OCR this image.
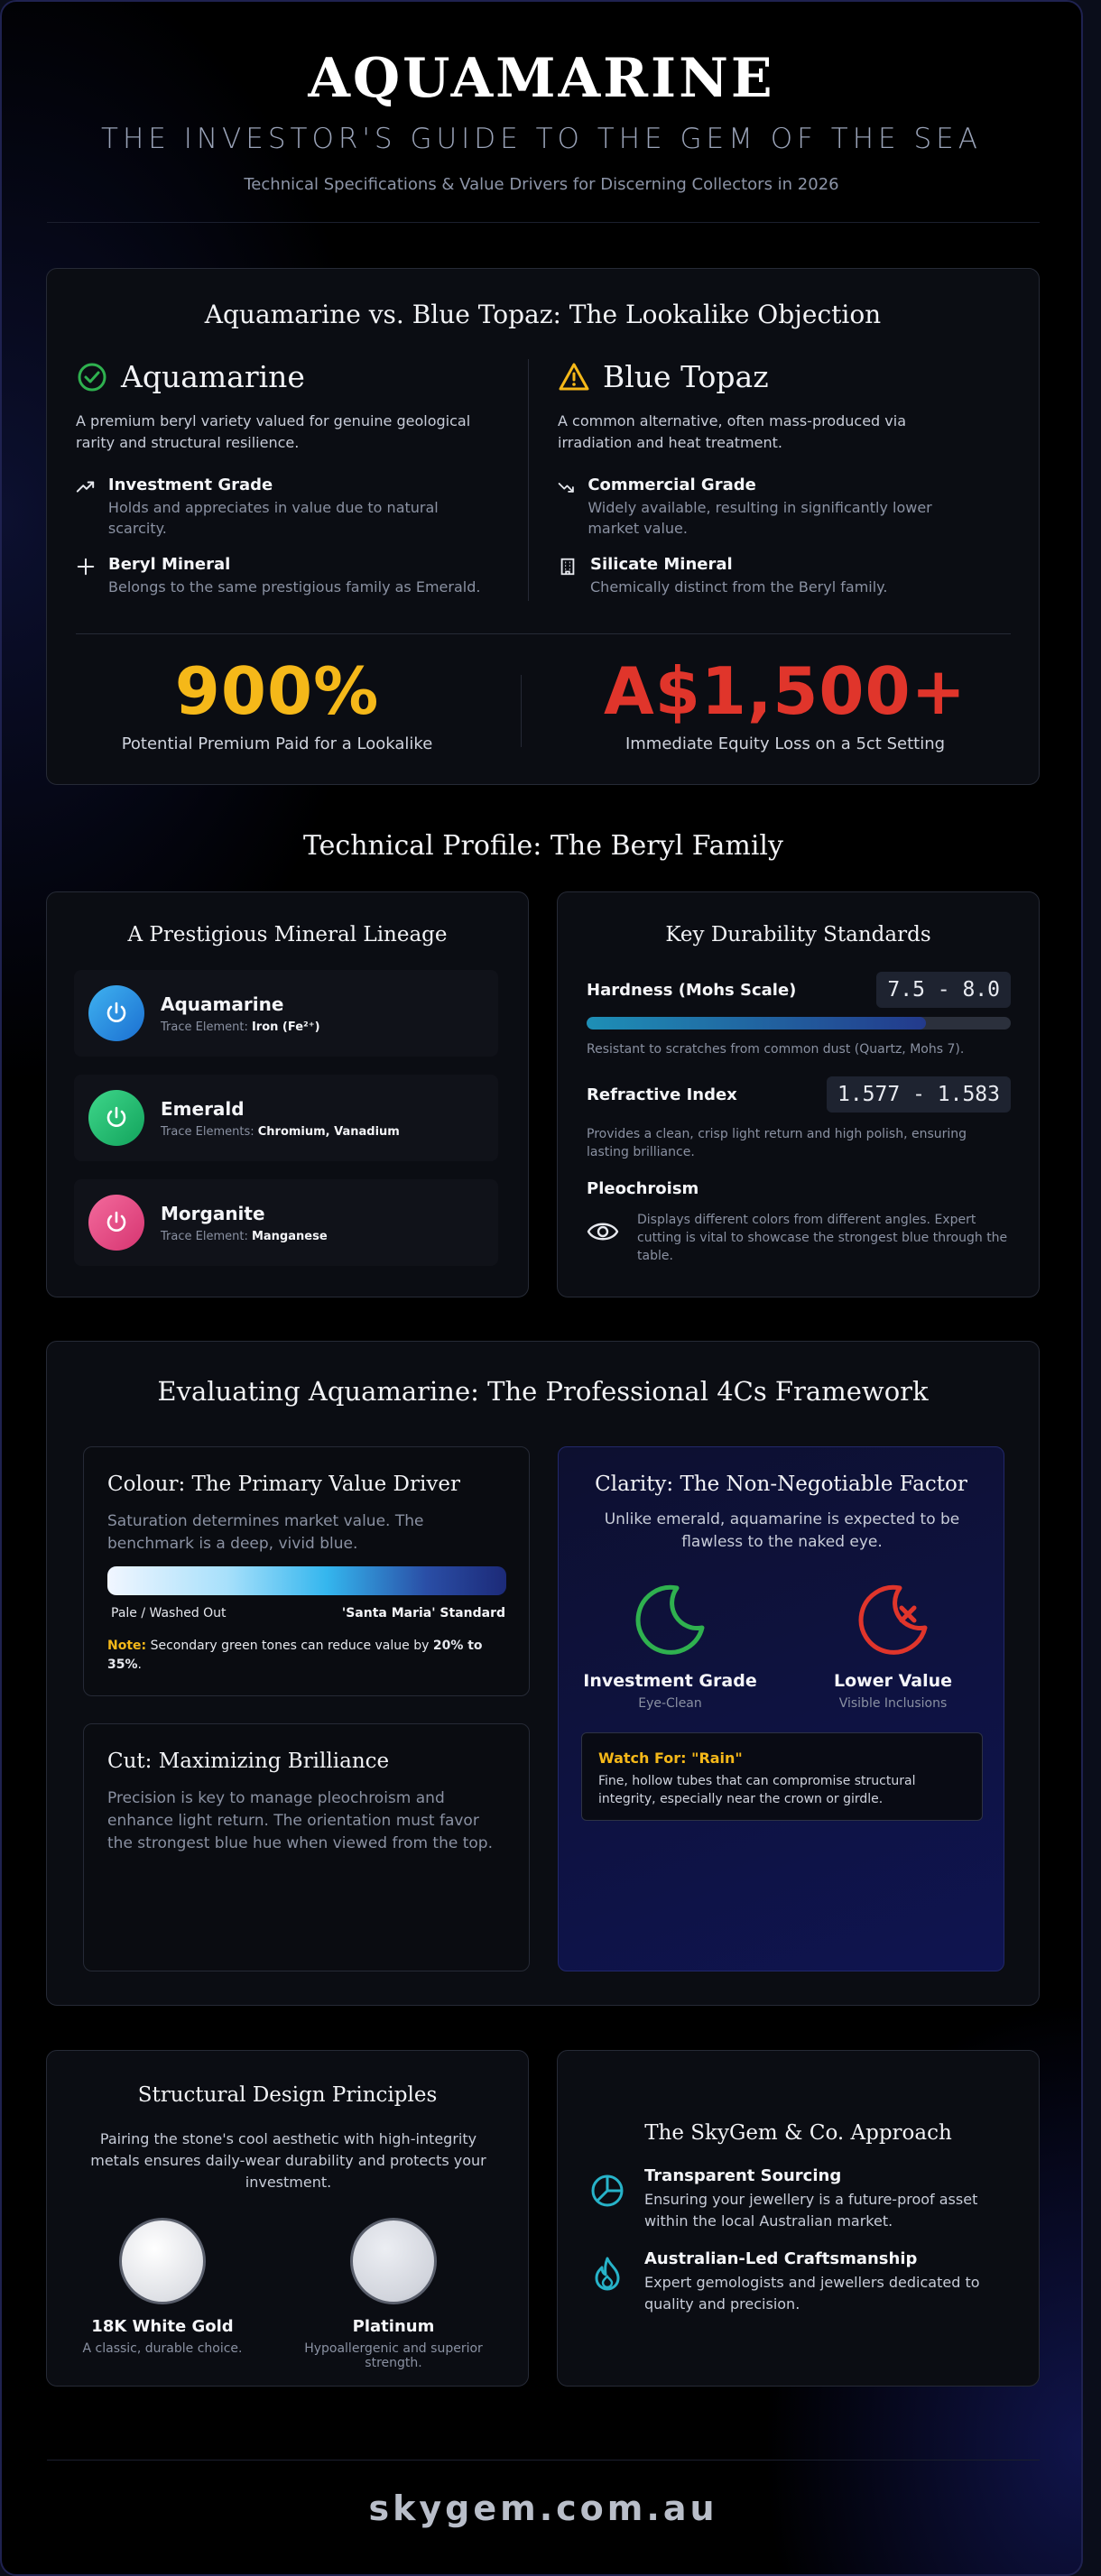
AQUAMARINE
THE INVESTOR'S GUIDE TO THE GEM OF THE SEA
Technical Specifications & Value Drivers for Discerning Collectors in 2026
Aquamarine vs. Blue Topaz: The Lookalike Objection
Aquamarine
A premium beryl variety valued for genuine geological rarity and structural resilience.
Investment Grade
Holds and appreciates in value due to natural scarcity.
Beryl Mineral
Belongs to the same prestigious family as Emerald.
Blue Topaz
A common alternative, often mass-produced via irradiation and heat treatment.
Commercial Grade
Widely available, resulting in significantly lower market value.
Silicate Mineral
Chemically distinct from the Beryl family.
900%
Potential Premium Paid for a Lookalike
A$1,500+
Immediate Equity Loss on a 5ct Setting
Technical Profile: The Beryl Family
A Prestigious Mineral Lineage
Aquamarine
Trace Element: Iron (Fe²⁺)
Emerald
Trace Elements: Chromium, Vanadium
Morganite
Trace Element: Manganese
Key Durability Standards
Hardness (Mohs Scale)	7.5 - 8.0
Resistant to scratches from common dust (Quartz, Mohs 7).
Refractive Index	1.577 - 1.583
Provides a clean, crisp light return and high polish, ensuring lasting brilliance.
Pleochroism
Displays different colors from different angles. Expert cutting is vital to showcase the strongest blue through the table.
Evaluating Aquamarine: The Professional 4Cs Framework
Colour: The Primary Value Driver
Saturation determines market value. The benchmark is a deep, vivid blue.
Pale / Washed Out	'Santa Maria' Standard
Note: Secondary green tones can reduce value by 20% to 35%.
Cut: Maximizing Brilliance
Precision is key to manage pleochroism and enhance light return. The orientation must favor the strongest blue hue when viewed from the top.
Clarity: The Non-Negotiable Factor
Unlike emerald, aquamarine is expected to be flawless to the naked eye.
Investment Grade
Eye-Clean
Lower Value
Visible Inclusions
Watch For: "Rain"
Fine, hollow tubes that can compromise structural integrity, especially near the crown or girdle.
Structural Design Principles
Pairing the stone's cool aesthetic with high-integrity metals ensures daily-wear durability and protects your investment.
18K White Gold
A classic, durable choice.
Platinum
Hypoallergenic and superior strength.
The SkyGem & Co. Approach
Transparent Sourcing
Ensuring your jewellery is a future-proof asset within the local Australian market.
Australian-Led Craftsmanship
Expert gemologists and jewellers dedicated to quality and precision.
skygem.com.au
